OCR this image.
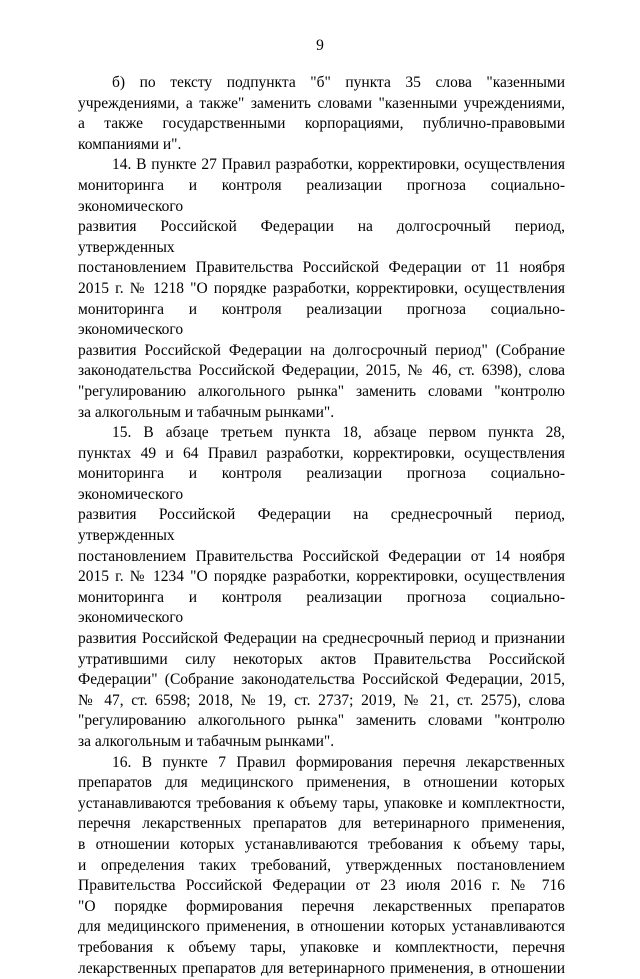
9
б) по тексту подпункта "б" пункта 35 слова "казенными
учреждениями, а также" заменить словами "казенными учреждениями,
а также государственными корпорациями, публично-правовыми
компаниями и".
14. В пункте 27 Правил разработки, корректировки, осуществления
мониторинга и контроля реализации прогноза социально-экономического
развития Российской Федерации на долгосрочный период, утвержденных
постановлением Правительства Российской Федерации от 11 ноября
2015 г. № 1218 "О порядке разработки, корректировки, осуществления
мониторинга и контроля реализации прогноза социально-экономического
развития Российской Федерации на долгосрочный период" (Собрание
законодательства Российской Федерации, 2015, № 46, ст. 6398), слова
"регулированию алкогольного рынка" заменить словами "контролю
за алкогольным и табачным рынками".
15. В абзаце третьем пункта 18, абзаце первом пункта 28,
пунктах 49 и 64 Правил разработки, корректировки, осуществления
мониторинга и контроля реализации прогноза социально-экономического
развития Российской Федерации на среднесрочный период, утвержденных
постановлением Правительства Российской Федерации от 14 ноября
2015 г. № 1234 "О порядке разработки, корректировки, осуществления
мониторинга и контроля реализации прогноза социально-экономического
развития Российской Федерации на среднесрочный период и признании
утратившими силу некоторых актов Правительства Российской
Федерации" (Собрание законодательства Российской Федерации, 2015,
№ 47, ст. 6598; 2018, № 19, ст. 2737; 2019, № 21, ст. 2575), слова
"регулированию алкогольного рынка" заменить словами "контролю
за алкогольным и табачным рынками".
16. В пункте 7 Правил формирования перечня лекарственных
препаратов для медицинского применения, в отношении которых
устанавливаются требования к объему тары, упаковке и комплектности,
перечня лекарственных препаратов для ветеринарного применения,
в отношении которых устанавливаются требования к объему тары,
и определения таких требований, утвержденных постановлением
Правительства Российской Федерации от 23 июля 2016 г. № 716
"О порядке формирования перечня лекарственных препаратов
для медицинского применения, в отношении которых устанавливаются
требования к объему тары, упаковке и комплектности, перечня
лекарственных препаратов для ветеринарного применения, в отношении
